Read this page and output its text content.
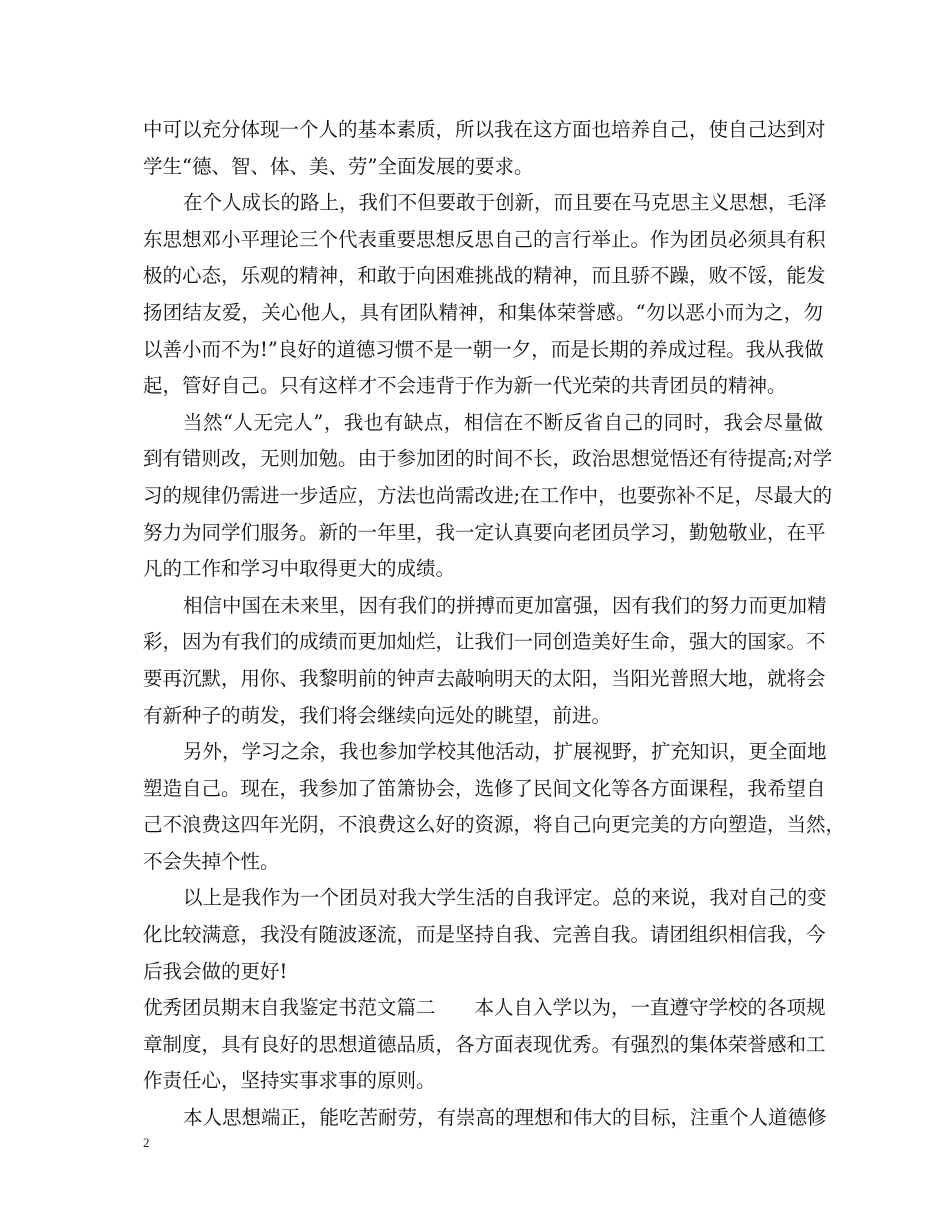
中可以充分体现一个人的基本素质，所以我在这方面也培养自己，使自己达到对
学生“德、智、体、美、劳”全面发展的要求。
在个人成长的路上，我们不但要敢于创新，而且要在马克思主义思想，毛泽
东思想邓小平理论三个代表重要思想反思自己的言行举止。作为团员必须具有积
极的心态，乐观的精神，和敢于向困难挑战的精神，而且骄不躁，败不馁，能发
扬团结友爱，关心他人，具有团队精神，和集体荣誉感。“勿以恶小而为之，勿
以善小而不为!”良好的道德习惯不是一朝一夕，而是长期的养成过程。我从我做
起，管好自己。只有这样才不会违背于作为新一代光荣的共青团员的精神。
当然“人无完人”，我也有缺点，相信在不断反省自己的同时，我会尽量做
到有错则改，无则加勉。由于参加团的时间不长，政治思想觉悟还有待提高;对学
习的规律仍需进一步适应，方法也尚需改进;在工作中，也要弥补不足，尽最大的
努力为同学们服务。新的一年里，我一定认真要向老团员学习，勤勉敬业，在平
凡的工作和学习中取得更大的成绩。
相信中国在未来里，因有我们的拼搏而更加富强，因有我们的努力而更加精
彩，因为有我们的成绩而更加灿烂，让我们一同创造美好生命，强大的国家。不
要再沉默，用你、我黎明前的钟声去敲响明天的太阳，当阳光普照大地，就将会
有新种子的萌发，我们将会继续向远处的眺望，前进。
另外，学习之余，我也参加学校其他活动，扩展视野，扩充知识，更全面地
塑造自己。现在，我参加了笛箫协会，选修了民间文化等各方面课程，我希望自
己不浪费这四年光阴，不浪费这么好的资源，将自己向更完美的方向塑造，当然，
不会失掉个性。
以上是我作为一个团员对我大学生活的自我评定。总的来说，我对自己的变
化比较满意，我没有随波逐流，而是坚持自我、完善自我。请团组织相信我，今
后我会做的更好!
优秀团员期末自我鉴定书范文篇二　　本人自入学以为，一直遵守学校的各项规
章制度，具有良好的思想道德品质，各方面表现优秀。有强烈的集体荣誉感和工
作责任心，坚持实事求事的原则。
本人思想端正，能吃苦耐劳，有崇高的理想和伟大的目标，注重个人道德修
2
